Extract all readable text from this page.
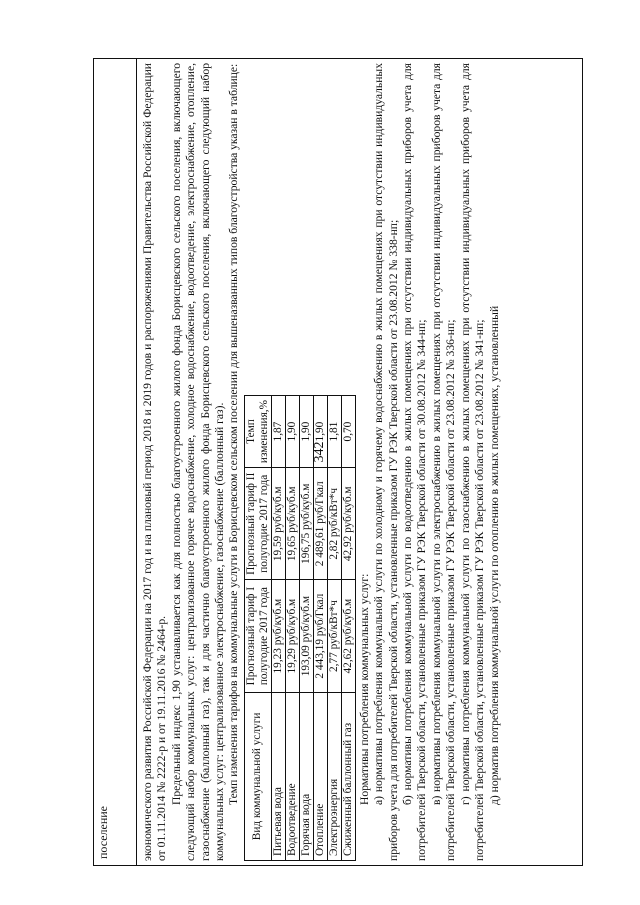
342
поселение	экономического развития Российской Федерации на 2017 год и на плановый период 2018 и 2019 годов и распоряжениями Правительства Российской Федерации от 01.11.2014 № 2222-р и от 19.11.2016 № 2464-р. Предельный индекс 1,90 устанавливается как для полностью благоустроенного жилого фонда Борисцевского сельского поселения, включающего следующий набор коммунальных услуг: централизованное горячее водоснабжение, холодное водоснабжение, водоотведение, электроснабжение, отопление, газоснабжение (баллонный газ), так и для частично благоустроенного жилого фонда Борисцевского сельского поселения, включающего следующий набор коммунальных услуг: централизованное электроснабжение, газоснабжение (баллонный газ). Темп изменения тарифов на коммунальные услуги в Борисцевском сельском поселении для вышеназванных типов благоустройства указан в таблице: Вид коммунальной услуги	Прогнозный тариф I полугодие 2017 года	Прогнозный тариф II полугодие 2017 года	Темп изменения,%
Питьевая вода	19,23 руб/куб.м	19,59 руб/куб.м	1,87
Водоотведение	19,29 руб/куб.м	19,65 руб/куб.м	1,90
Горячая вода	193,09 руб/куб.м	196,75 руб/куб.м	1,90
Отопление	2 443,19 руб/Гкал	2 489,61 руб/Гкал	1,90
Электроэнергия	2,77 руб/кВт*ч	2,82 руб/кВт*ч	1,81
Сжиженный баллонный газ	42,62 руб/куб.м	42,92 руб/куб.м	0,70

Нормативы потребления коммунальных услуг: а) нормативы потребления коммунальной услуги по холодному и горячему водоснабжению в жилых помещениях при отсутствии индивидуальных приборов учета для потребителей Тверской области, установленные приказом ГУ РЭК Тверской области от 23.08.2012 № 338-нп; б) нормативы потребления коммунальной услуги по водоотведению в жилых помещениях при отсутствии индивидуальных приборов учета для потребителей Тверской области, установленные приказом ГУ РЭК Тверской области от 30.08.2012 № 344-нп; в) нормативы потребления коммунальной услуги по электроснабжению в жилых помещениях при отсутствии индивидуальных приборов учета для потребителей Тверской области, установленные приказом ГУ РЭК Тверской области от 23.08.2012 № 336-нп; г) нормативы потребления коммунальной услуги по газоснабжению в жилых помещениях при отсутствии индивидуальных приборов учета для потребителей Тверской области, установленные приказом ГУ РЭК Тверской области от 23.08.2012 № 341-нп; д) норматив потребления коммунальной услуги по отоплению в жилых помещениях, установленный
